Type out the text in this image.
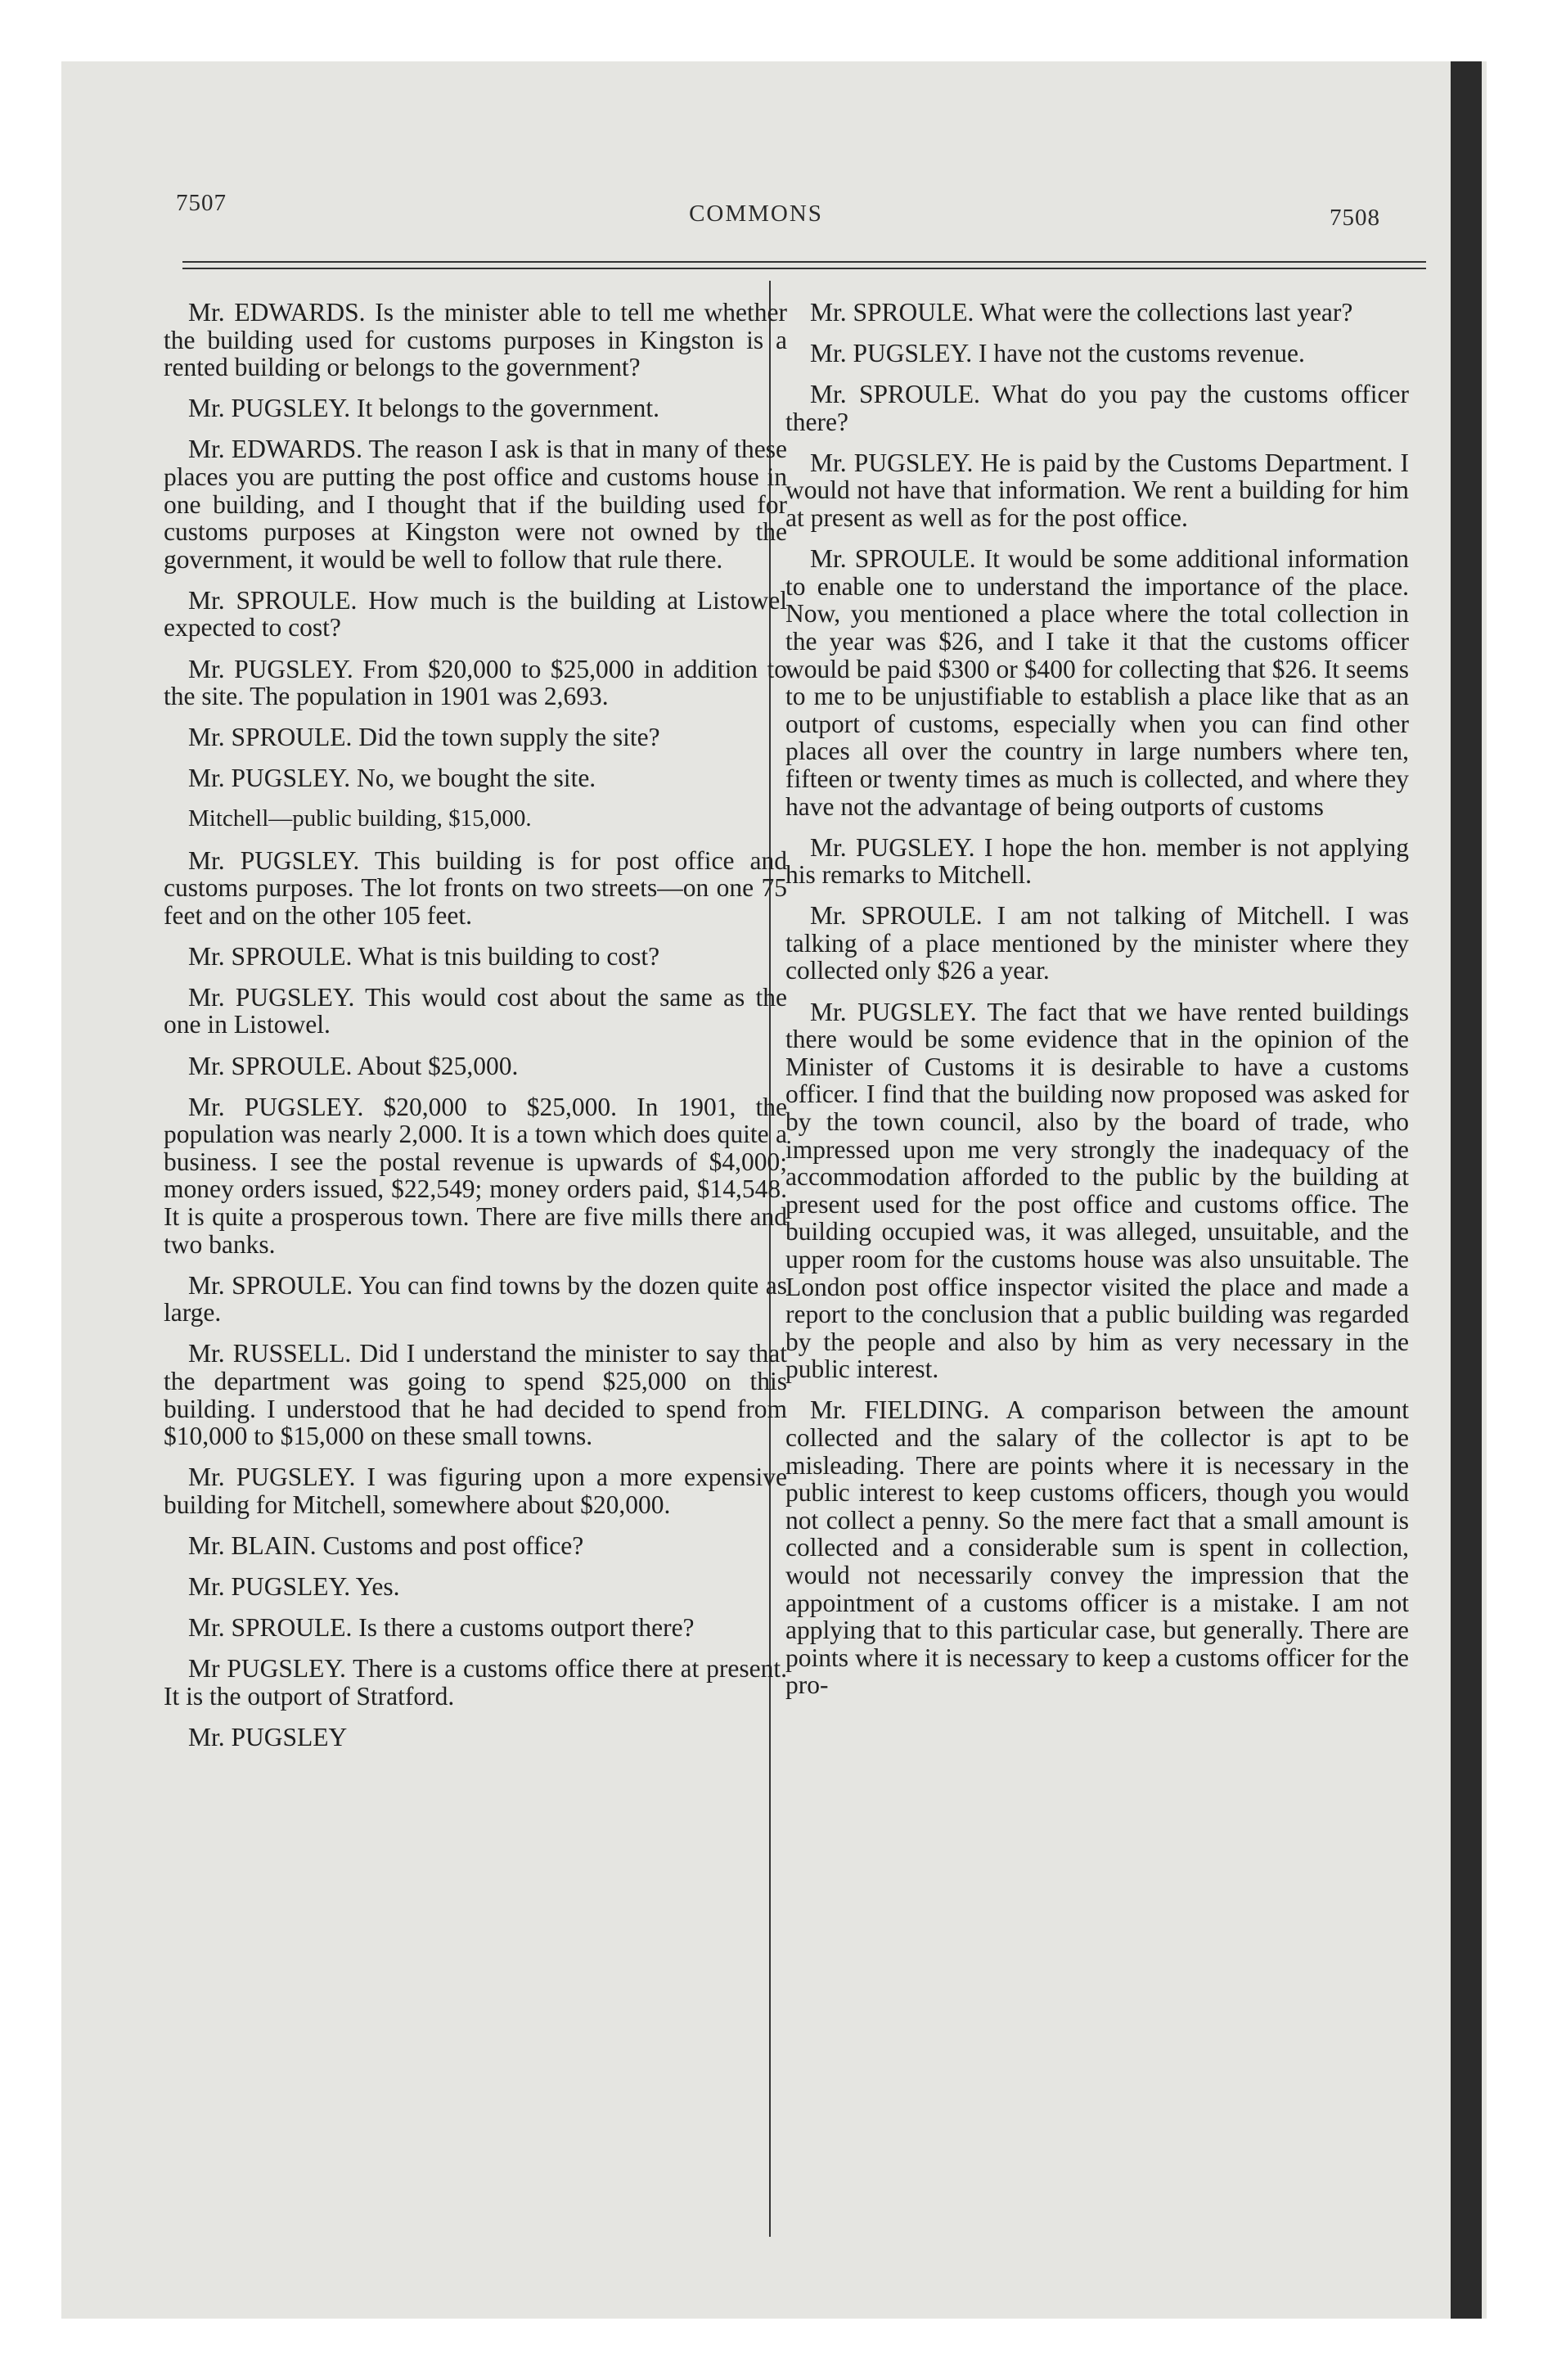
7507	COMMONS	7508

Mr. EDWARDS. Is the minister able to tell me whether the building used for customs purposes in Kingston is a rented building or belongs to the government?

Mr. PUGSLEY. It belongs to the government.

Mr. EDWARDS. The reason I ask is that in many of these places you are putting the post office and customs house in one building, and I thought that if the building used for customs purposes at Kingston were not owned by the government, it would be well to follow that rule there.

Mr. SPROULE. How much is the building at Listowel expected to cost?

Mr. PUGSLEY. From $20,000 to $25,000 in addition to the site. The population in 1901 was 2,693.

Mr. SPROULE. Did the town supply the site?

Mr. PUGSLEY. No, we bought the site.

Mitchell—public building, $15,000.

Mr. PUGSLEY. This building is for post office and customs purposes. The lot fronts on two streets—on one 75 feet and on the other 105 feet.

Mr. SPROULE. What is tnis building to cost?

Mr. PUGSLEY. This would cost about the same as the one in Listowel.

Mr. SPROULE. About $25,000.

Mr. PUGSLEY. $20,000 to $25,000. In 1901, the population was nearly 2,000. It is a town which does quite a business. I see the postal revenue is upwards of $4,000; money orders issued, $22,549; money orders paid, $14,548. It is quite a prosperous town. There are five mills there and two banks.

Mr. SPROULE. You can find towns by the dozen quite as large.

Mr. RUSSELL. Did I understand the minister to say that the department was going to spend $25,000 on this building. I understood that he had decided to spend from $10,000 to $15,000 on these small towns.

Mr. PUGSLEY. I was figuring upon a more expensive building for Mitchell, somewhere about $20,000.

Mr. BLAIN. Customs and post office?

Mr. PUGSLEY. Yes.

Mr. SPROULE. Is there a customs outport there?

Mr PUGSLEY. There is a customs office there at present. It is the outport of Stratford.

Mr. PUGSLEY

Mr. SPROULE. What were the collections last year?

Mr. PUGSLEY. I have not the customs revenue.

Mr. SPROULE. What do you pay the customs officer there?

Mr. PUGSLEY. He is paid by the Customs Department. I would not have that information. We rent a building for him at present as well as for the post office.

Mr. SPROULE. It would be some additional information to enable one to understand the importance of the place. Now, you mentioned a place where the total collection in the year was $26, and I take it that the customs officer would be paid $300 or $400 for collecting that $26. It seems to me to be unjustifiable to establish a place like that as an outport of customs, especially when you can find other places all over the country in large numbers where ten, fifteen or twenty times as much is collected, and where they have not the advantage of being outports of customs

Mr. PUGSLEY. I hope the hon. member is not applying his remarks to Mitchell.

Mr. SPROULE. I am not talking of Mitchell. I was talking of a place mentioned by the minister where they collected only $26 a year.

Mr. PUGSLEY. The fact that we have rented buildings there would be some evidence that in the opinion of the Minister of Customs it is desirable to have a customs officer. I find that the building now proposed was asked for by the town council, also by the board of trade, who impressed upon me very strongly the inadequacy of the accommodation afforded to the public by the building at present used for the post office and customs office. The building occupied was, it was alleged, unsuitable, and the upper room for the customs house was also unsuitable. The London post office inspector visited the place and made a report to the conclusion that a public building was regarded by the people and also by him as very necessary in the public interest.

Mr. FIELDING. A comparison between the amount collected and the salary of the collector is apt to be misleading. There are points where it is necessary in the public interest to keep customs officers, though you would not collect a penny. So the mere fact that a small amount is collected and a considerable sum is spent in collection, would not necessarily convey the impression that the appointment of a customs officer is a mistake. I am not applying that to this particular case, but generally. There are points where it is necessary to keep a customs officer for the pro-
